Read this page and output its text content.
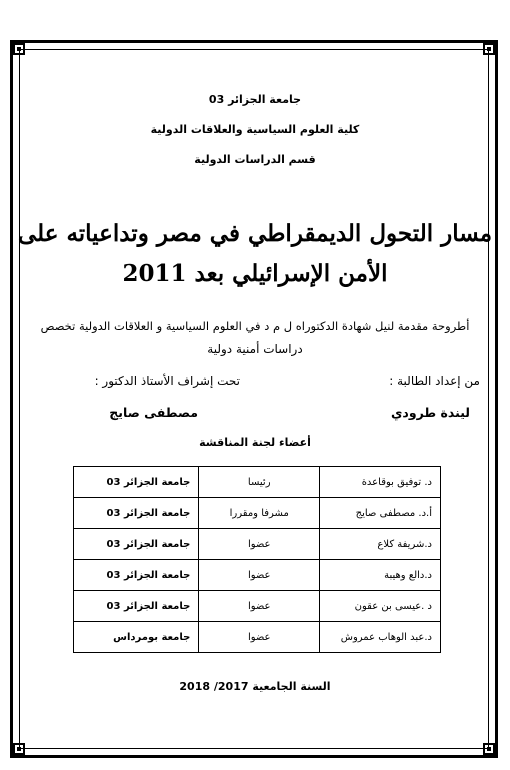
جامعة الجزائر 03
كلية العلوم السياسية والعلاقات الدولية
قسم الدراسات الدولية
مسار التحول الديمقراطي في مصر وتداعياته على
الأمن الإسرائيلي بعد 2011
أطروحة مقدمة لنيل شهادة الدكتوراه ل م د في العلوم السياسية و العلاقات الدولية تخصص
دراسات أمنية دولية
من إعداد الطالبة :
تحت إشراف الأستاذ الدكتور :
ليندة طرودي
مصطفى صايج
أعضاء لجنة المناقشة
د. توفيق بوقاعدة	رئيسا	جامعة الجزائر 03
أ.د. مصطفى صايج	مشرفا ومقررا	جامعة الجزائر 03
د.شريفة كلاع	عضوا	جامعة الجزائر 03
د.دالع وهيبة	عضوا	جامعة الجزائر 03
د .عيسى بن عقون	عضوا	جامعة الجزائر 03
د.عبد الوهاب عمروش	عضوا	جامعة بومرداس
السنة الجامعية 2017/ 2018
